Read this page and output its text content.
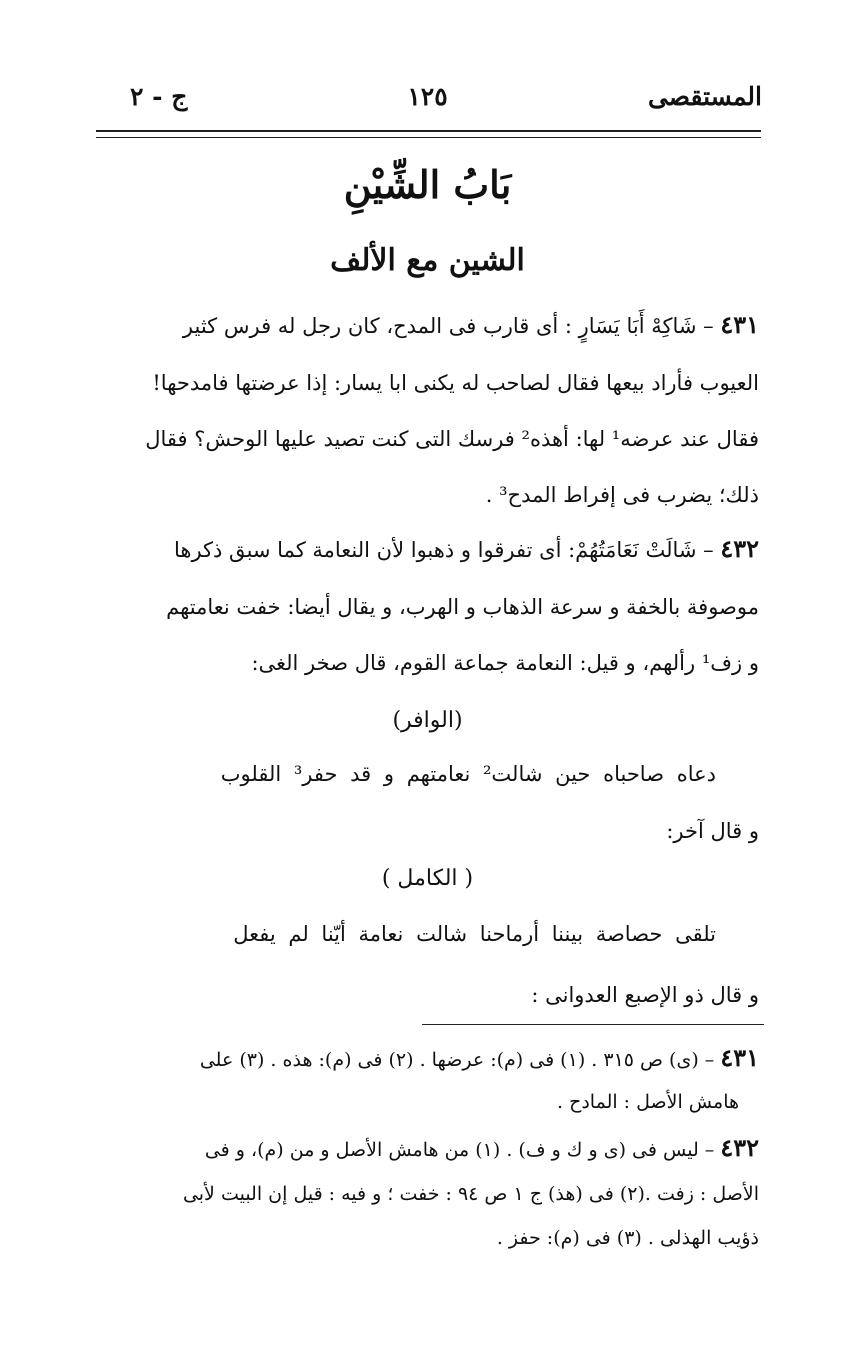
المستقصى
١٢٥
ج - ٢
بَابُ الشِّيْنِ
الشين مع الألف
٤٣١ – شَاكِهْ أَبَا يَسَارٍ : أى قارب فى المدح، كان رجل له فرس كثير
العيوب فأراد بيعها فقال لصاحب له يكنى ابا يسار: إذا عرضتها فامدحها!
فقال عند عرضه¹ لها: أهذه² فرسك التى كنت تصيد عليها الوحش؟ فقال
ذلك؛ يضرب فى إفراط المدح³ .
٤٣٢ – شَالَتْ نَعَامَتُهُمْ: أى تفرقوا و ذهبوا لأن النعامة كما سبق ذكرها
موصوفة بالخفة و سرعة الذهاب و الهرب، و يقال أيضا: خفت نعامتهم
و زف¹ رألهم، و قيل: النعامة جماعة القوم، قال صخر الغى:
(الوافر)
دعاه صاحباه حين شالت² نعامتهم و قد حفر³ القلوب
و قال آخر:
( الكامل )
تلقى حصاصة بيننا أرماحنا شالت نعامة أيّنا لم يفعل
و قال ذو الإصبع العدوانى :
٤٣١ – (ى) ص ٣١٥ . (١) فى (م): عرضها . (٢) فى (م): هذه . (٣) على
هامش الأصل : المادح .
٤٣٢ – ليس فى (ى و ك و ف) . (١) من هامش الأصل و من (م)، و فى
الأصل : زفت .(٢) فى (هذ) ج ١ ص ٩٤ : خفت ؛ و فيه : قيل إن البيت لأبى
ذؤيب الهذلى . (٣) فى (م): حفز .
